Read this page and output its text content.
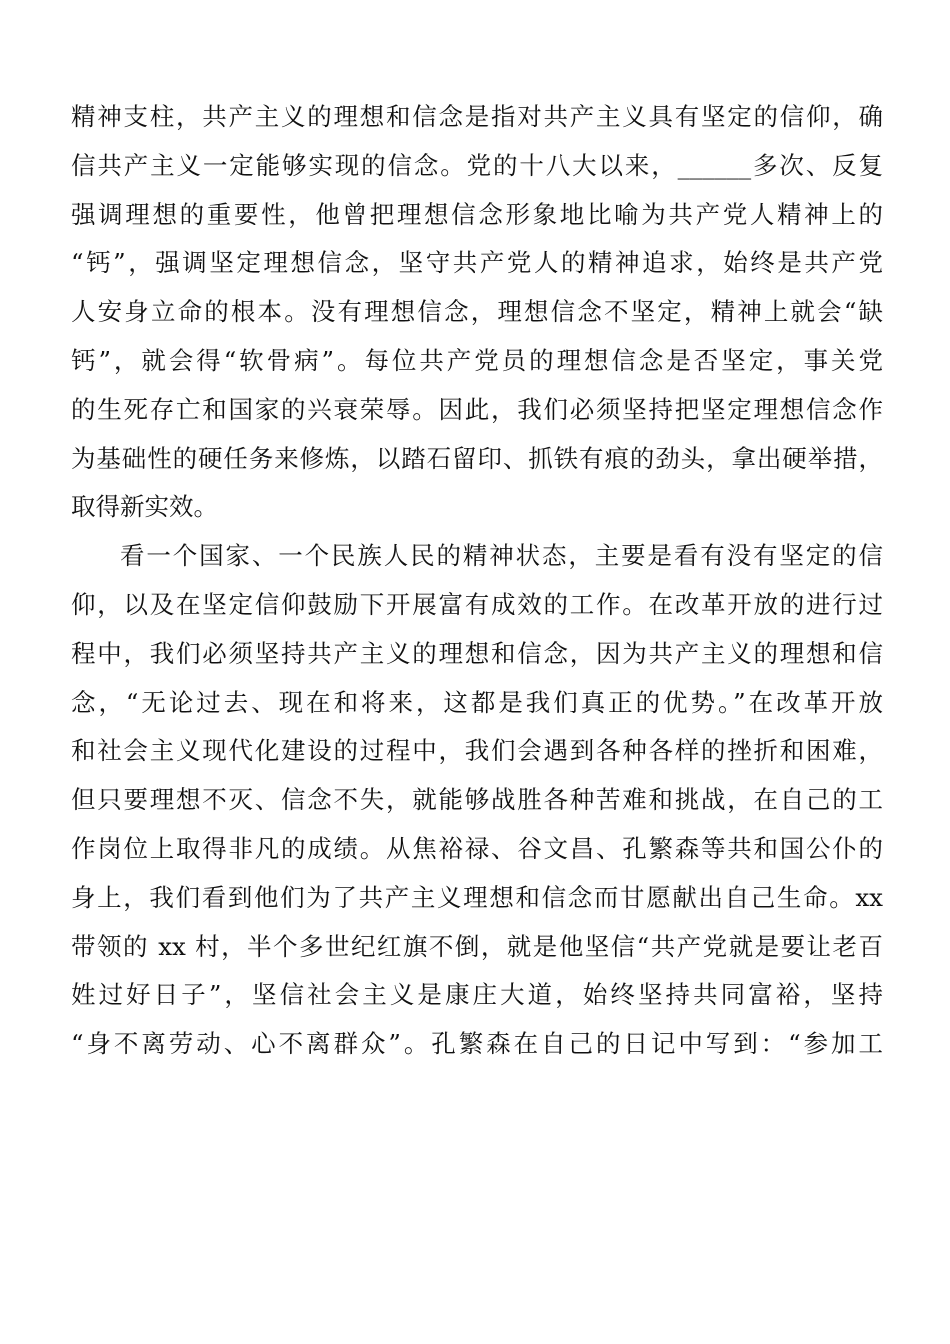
精神支柱，共产主义的理想和信念是指对共产主义具有坚定的信仰，确
信共产主义一定能够实现的信念。党的十八大以来，______多次、反复
强调理想的重要性，他曾把理想信念形象地比喻为共产党人精神上的
“钙”，强调坚定理想信念，坚守共产党人的精神追求，始终是共产党
人安身立命的根本。没有理想信念，理想信念不坚定，精神上就会“缺
钙”，就会得“软骨病”。每位共产党员的理想信念是否坚定，事关党
的生死存亡和国家的兴衰荣辱。因此，我们必须坚持把坚定理想信念作
为基础性的硬任务来修炼，以踏石留印、抓铁有痕的劲头，拿出硬举措，
取得新实效。
看一个国家、一个民族人民的精神状态，主要是看有没有坚定的信
仰，以及在坚定信仰鼓励下开展富有成效的工作。在改革开放的进行过
程中，我们必须坚持共产主义的理想和信念，因为共产主义的理想和信
念，“无论过去、现在和将来，这都是我们真正的优势。”在改革开放
和社会主义现代化建设的过程中，我们会遇到各种各样的挫折和困难，
但只要理想不灭、信念不失，就能够战胜各种苦难和挑战，在自己的工
作岗位上取得非凡的成绩。从焦裕禄、谷文昌、孔繁森等共和国公仆的
身上，我们看到他们为了共产主义理想和信念而甘愿献出自己生命。xx
带领的 xx 村，半个多世纪红旗不倒，就是他坚信“共产党就是要让老百
姓过好日子”，坚信社会主义是康庄大道，始终坚持共同富裕，坚持
“身不离劳动、心不离群众”。孔繁森在自己的日记中写到：“参加工
